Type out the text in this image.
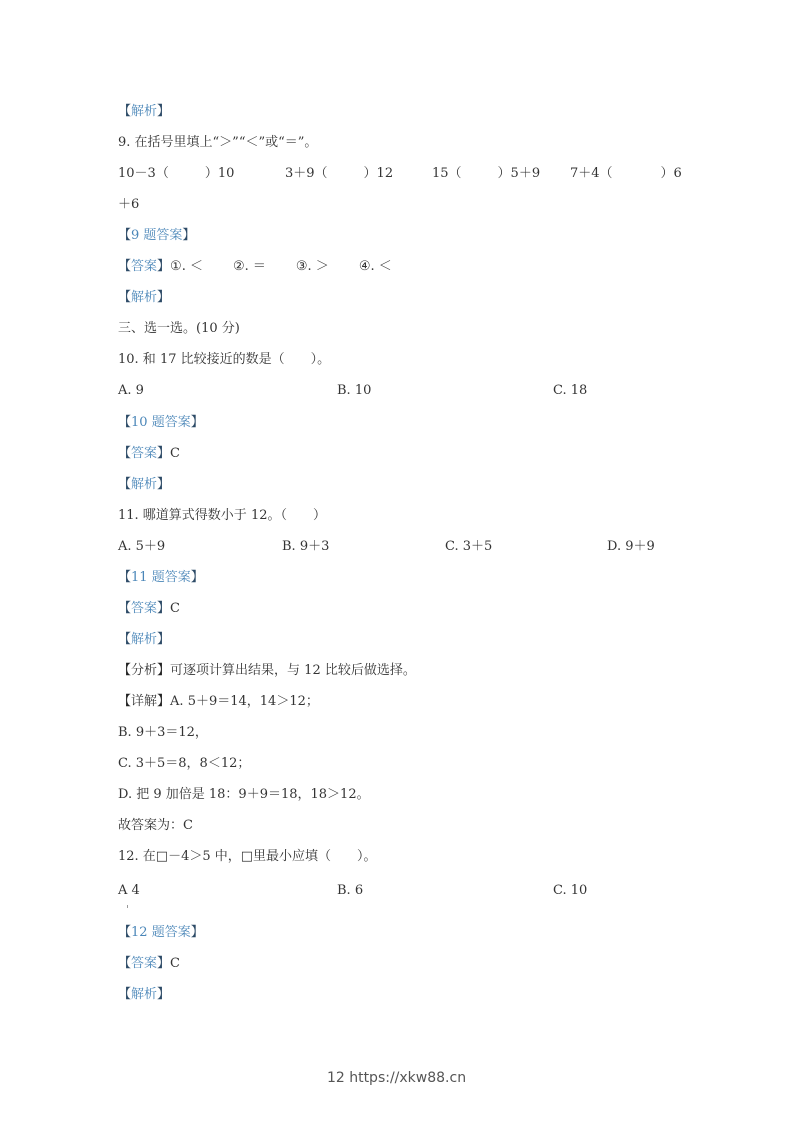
【解析】
9. 在括号里填上“＞”“＜”或“＝”。
10－3（	）10	3＋9（	）12	15（	）5＋9 7＋4（	）6
＋6
【9 题答案】
【答案】①. ＜ ②. ＝ ③. ＞ ④. ＜
【解析】
三、选一选。(10 分)
10. 和 17 比较接近的数是（　　）。
A. 9	B. 10	C. 18
【10 题答案】
【答案】C
【解析】
11. 哪道算式得数小于 12。（　　）
A. 5＋9	B. 9＋3	C. 3＋5	D. 9＋9
【11 题答案】
【答案】C
【解析】
【分析】可逐项计算出结果，与 12 比较后做选择。
【详解】A. 5＋9＝14，14＞12；
B. 9＋3＝12，
C. 3＋5＝8，8＜12；
D. 把 9 加倍是 18：9＋9＝18，18＞12。
故答案为：C
12. 在□－4＞5 中，□里最小应填（　　）。
A 4	B. 6	C. 10
【12 题答案】
【答案】C
【解析】
12 https://xkw88.cn
